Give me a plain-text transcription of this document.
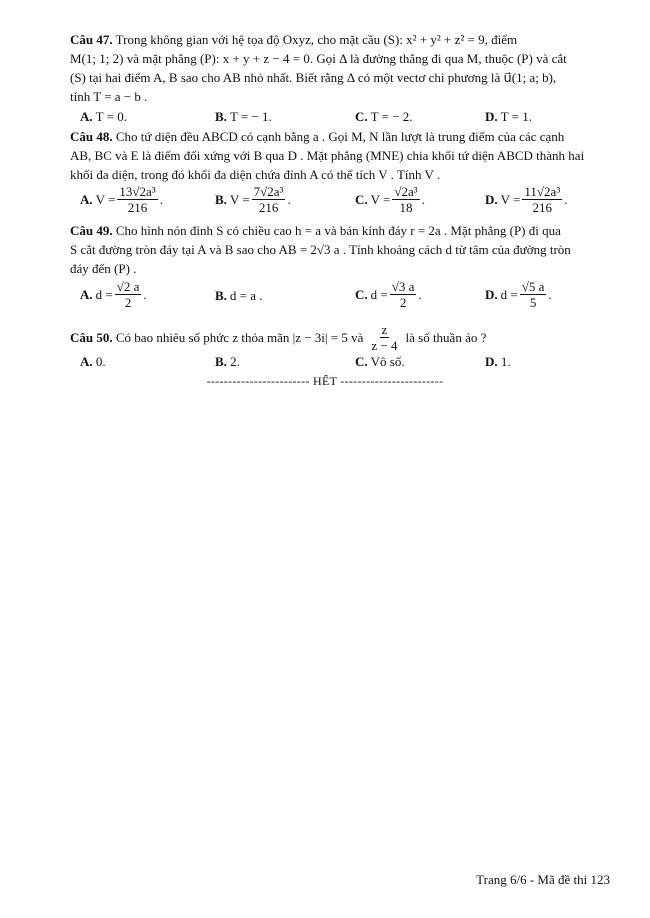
Câu 47. Trong không gian với hệ tọa độ Oxyz, cho mặt cầu (S): x² + y² + z² = 9, điểm

M(1; 1; 2) và mặt phẳng (P): x + y + z − 4 = 0. Gọi Δ là đường thẳng đi qua M, thuộc (P) và cắt

(S) tại hai điểm A, B sao cho AB nhỏ nhất. Biết rằng Δ có một vectơ chỉ phương là u⃗(1; a; b),

tính T = a − b .

A. T = 0.	B. T = − 1.	C. T = − 2.	D. T = 1.

Câu 48. Cho tứ diện đều ABCD có cạnh bằng a . Gọi M, N lần lượt là trung điểm của các cạnh

AB, BC và E là điểm đối xứng với B qua D . Mặt phẳng (MNE) chia khối tứ diện ABCD thành hai

khối đa diện, trong đó khối đa diện chứa đỉnh A có thể tích V . Tính V .

A. $V = \frac{\text{13√2a³}}{216}$ .	B. $V = \frac{\text{7√2a³}}{216}$ .	C. $V = \frac{\text{√2a³}}{18}$ .	D. $V = \frac{\text{11√2a³}}{216}$ .

Câu 49. Cho hình nón đỉnh S có chiều cao h = a và bán kính đáy r = 2a . Mặt phẳng (P) đi qua

S cắt đường tròn đáy tại A và B sao cho AB = 2√3 a . Tính khoảng cách d từ tâm của đường tròn

đáy đến (P) .

A. $d = \frac{√2 a}{2}$ .	B. d = a .	C. $d = \frac{√3 a}{2}$ .	D. $d = \frac{√5 a}{5}$ .
Câu 50.
Có bao nhiêu số phức z thỏa mãn |z − 3i| = 5 và $\frac{z}{z - 4}$ là số thuần ảo ?
A. 0.	B. 2.	C. Vô số.	D. 1.
------------------------ HẾT ------------------------
Trang 6/6 - Mã đề thi 123
